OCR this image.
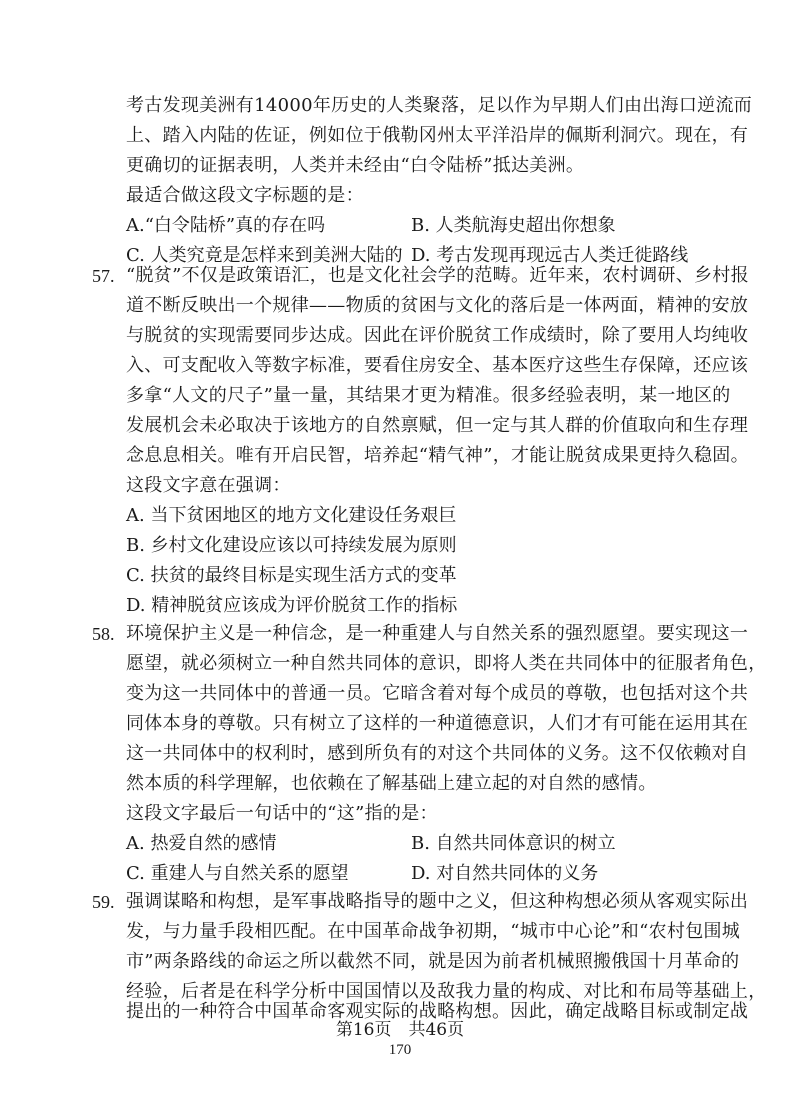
考古发现美洲有14000年历史的人类聚落，足以作为早期人们由出海口逆流而
上、踏入内陆的佐证，例如位于俄勒冈州太平洋沿岸的佩斯利洞穴。现在，有
更确切的证据表明，人类并未经由“白令陆桥”抵达美洲。
最适合做这段文字标题的是：
A.“白令陆桥”真的存在吗	B. 人类航海史超出你想象
C. 人类究竟是怎样来到美洲大陆的 D. 考古发现再现远古人类迁徙路线
57. “脱贫”不仅是政策语汇，也是文化社会学的范畴。近年来，农村调研、乡村报
道不断反映出一个规律——物质的贫困与文化的落后是一体两面，精神的安放
与脱贫的实现需要同步达成。因此在评价脱贫工作成绩时，除了要用人均纯收
入、可支配收入等数字标准，要看住房安全、基本医疗这些生存保障，还应该
多拿“人文的尺子”量一量，其结果才更为精准。很多经验表明，某一地区的
发展机会未必取决于该地方的自然禀赋，但一定与其人群的价值取向和生存理
念息息相关。唯有开启民智，培养起“精气神”，才能让脱贫成果更持久稳固。
这段文字意在强调：
A. 当下贫困地区的地方文化建设任务艰巨
B. 乡村文化建设应该以可持续发展为原则
C. 扶贫的最终目标是实现生活方式的变革
D. 精神脱贫应该成为评价脱贫工作的指标
58. 环境保护主义是一种信念，是一种重建人与自然关系的强烈愿望。要实现这一
愿望，就必须树立一种自然共同体的意识，即将人类在共同体中的征服者角色，
变为这一共同体中的普通一员。它暗含着对每个成员的尊敬，也包括对这个共
同体本身的尊敬。只有树立了这样的一种道德意识，人们才有可能在运用其在
这一共同体中的权利时，感到所负有的对这个共同体的义务。这不仅依赖对自
然本质的科学理解，也依赖在了解基础上建立起的对自然的感情。
这段文字最后一句话中的“这”指的是：
A. 热爱自然的感情	B. 自然共同体意识的树立
C. 重建人与自然关系的愿望	D. 对自然共同体的义务
59. 强调谋略和构想，是军事战略指导的题中之义，但这种构想必须从客观实际出
发，与力量手段相匹配。在中国革命战争初期，“城市中心论”和“农村包围城
市”两条路线的命运之所以截然不同，就是因为前者机械照搬俄国十月革命的
经验，后者是在科学分析中国国情以及敌我力量的构成、对比和布局等基础上，
第16页　共46页
170
提出的一种符合中国革命客观实际的战略构想。因此，确定战略目标或制定战
